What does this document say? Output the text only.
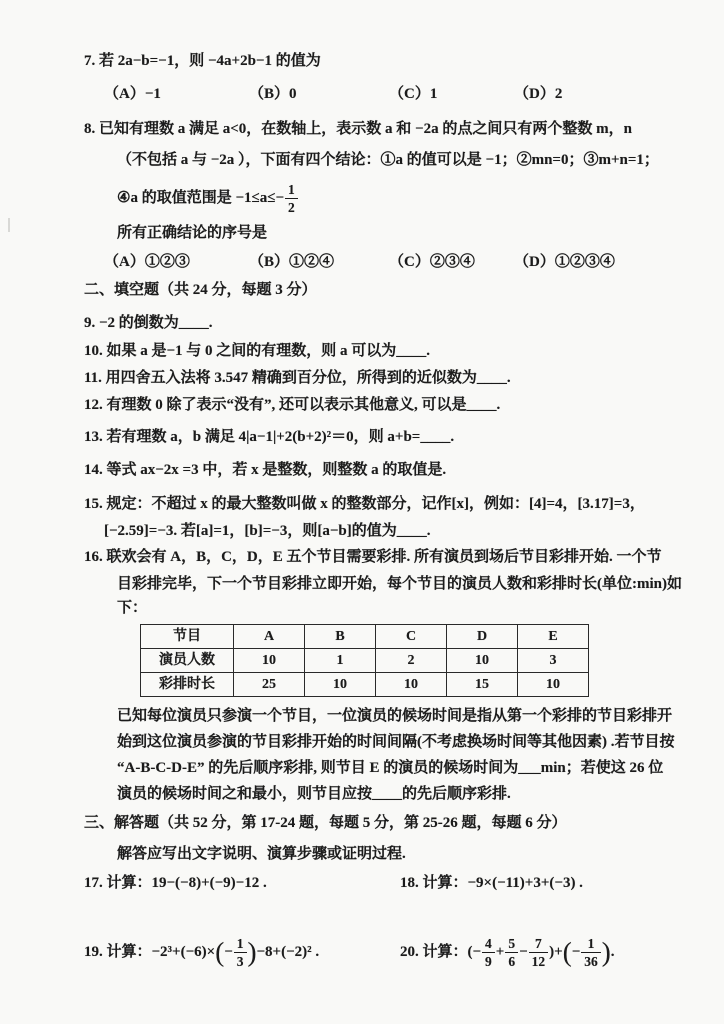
7. 若 2a−b=−1，则 −4a+2b−1 的值为
（A）−1	（B）0	（C）1	（D）2
8. 已知有理数 a 满足 a<0，在数轴上，表示数 a 和 −2a 的点之间只有两个整数 m，n
（不包括 a 与 −2a ），下面有四个结论：①a 的值可以是 −1；②mn=0；③m+n=1；
④a 的取值范围是 $-1\le a\le- \frac{1}{2}$
所有正确结论的序号是
（A）①②③	（B）①②④	（C）②③④	（D）①②③④
二、填空题（共 24 分，每题 3 分）
9. −2 的倒数为____.
10. 如果 a 是−1 与 0 之间的有理数，则 a 可以为____.
11. 用四舍五入法将 3.547 精确到百分位，所得到的近似数为____.
12. 有理数 0 除了表示“没有”, 还可以表示其他意义, 可以是____.
13. 若有理数 a，b 满足 4|a−1|+2(b+2)²＝0，则 a+b=____.
14. 等式 ax−2x =3 中，若 x 是整数，则整数 a 的取值是.
15. 规定：不超过 x 的最大整数叫做 x 的整数部分，记作[x]，例如：[4]=4，[3.17]=3，
[−2.59]=−3. 若[a]=1，[b]=−3，则[a−b]的值为____.
16. 联欢会有 A，B，C，D，E 五个节目需要彩排. 所有演员到场后节目彩排开始. 一个节
目彩排完毕，下一个节目彩排立即开始，每个节目的演员人数和彩排时长(单位:min)如
下：
节目	A	B	C	D	E
演员人数	10	1	2	10	3
彩排时长	25	10	10	15	10
已知每位演员只参演一个节目，一位演员的候场时间是指从第一个彩排的节目彩排开
始到这位演员参演的节目彩排开始的时间间隔(不考虑换场时间等其他因素) .若节目按
“A-B-C-D-E” 的先后顺序彩排, 则节目 E 的演员的候场时间为___min；若使这 26 位
演员的候场时间之和最小，则节目应按____的先后顺序彩排.
三、解答题（共 52 分，第 17-24 题，每题 5 分，第 25-26 题，每题 6 分）
解答应写出文字说明、演算步骤或证明过程.
17. 计算：19−(−8)+(−9)−12 .	18. 计算：−9×(−11)+3+(−3) .
19. 计算：−2³+(−6)× ( − $\frac{1}{3}$ ) −8+(−2)² .	20. 计算：(− $\frac{4}{9} + \frac{5}{6} - \frac{7}{12}$ )+ ( − $\frac{1}{36}$ ) .
